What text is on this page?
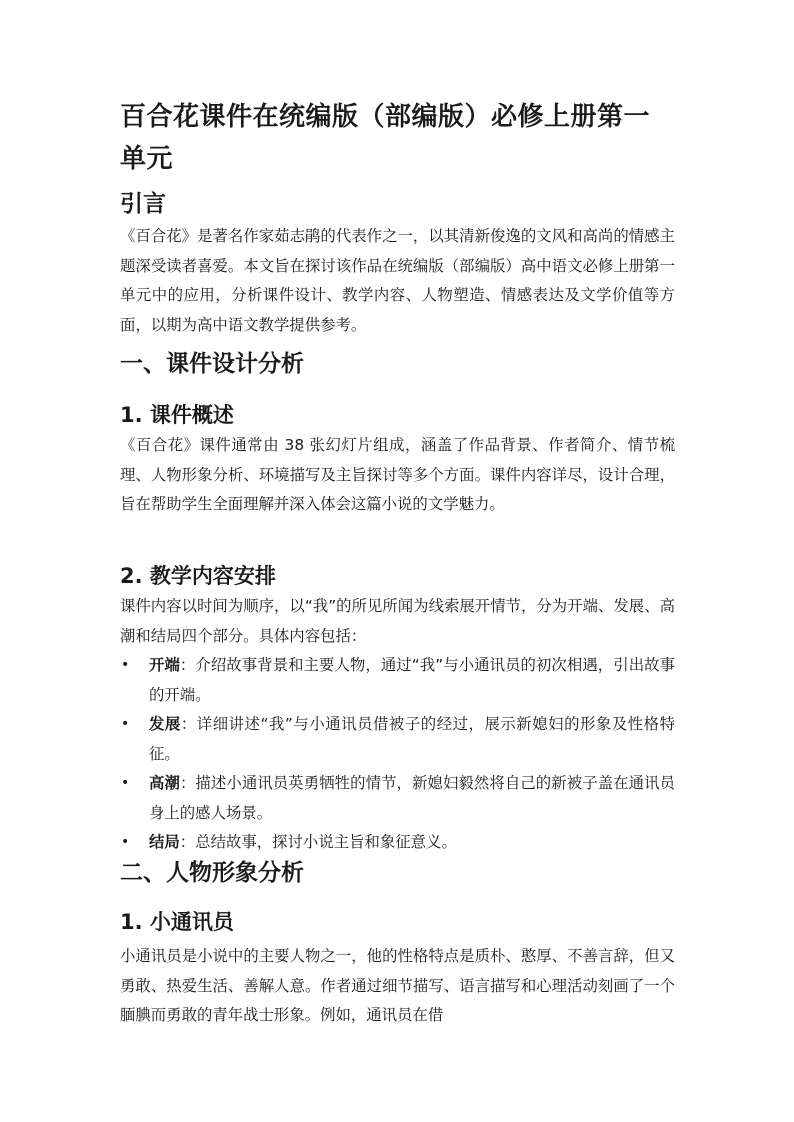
百合花课件在统编版（部编版）必修上册第一单元
引言

《百合花》是著名作家茹志鹃的代表作之一，以其清新俊逸的文风和高尚的情感主题深受读者喜爱。本文旨在探讨该作品在统编版（部编版）高中语文必修上册第一单元中的应用，分析课件设计、教学内容、人物塑造、情感表达及文学价值等方面，以期为高中语文教学提供参考。

一、课件设计分析
1. 课件概述

《百合花》课件通常由 38 张幻灯片组成，涵盖了作品背景、作者简介、情节梳理、人物形象分析、环境描写及主旨探讨等多个方面。课件内容详尽，设计合理，旨在帮助学生全面理解并深入体会这篇小说的文学魅力。

2. 教学内容安排

课件内容以时间为顺序，以“我”的所见所闻为线索展开情节，分为开端、发展、高潮和结局四个部分。具体内容包括：

• 开端：介绍故事背景和主要人物，通过“我”与小通讯员的初次相遇，引出故事的开端。
• 发展：详细讲述“我”与小通讯员借被子的经过，展示新媳妇的形象及性格特征。
• 高潮：描述小通讯员英勇牺牲的情节，新媳妇毅然将自己的新被子盖在通讯员身上的感人场景。
• 结局：总结故事，探讨小说主旨和象征意义。
二、人物形象分析
1. 小通讯员

小通讯员是小说中的主要人物之一，他的性格特点是质朴、憨厚、不善言辞，但又勇敢、热爱生活、善解人意。作者通过细节描写、语言描写和心理活动刻画了一个腼腆而勇敢的青年战士形象。例如，通讯员在借
